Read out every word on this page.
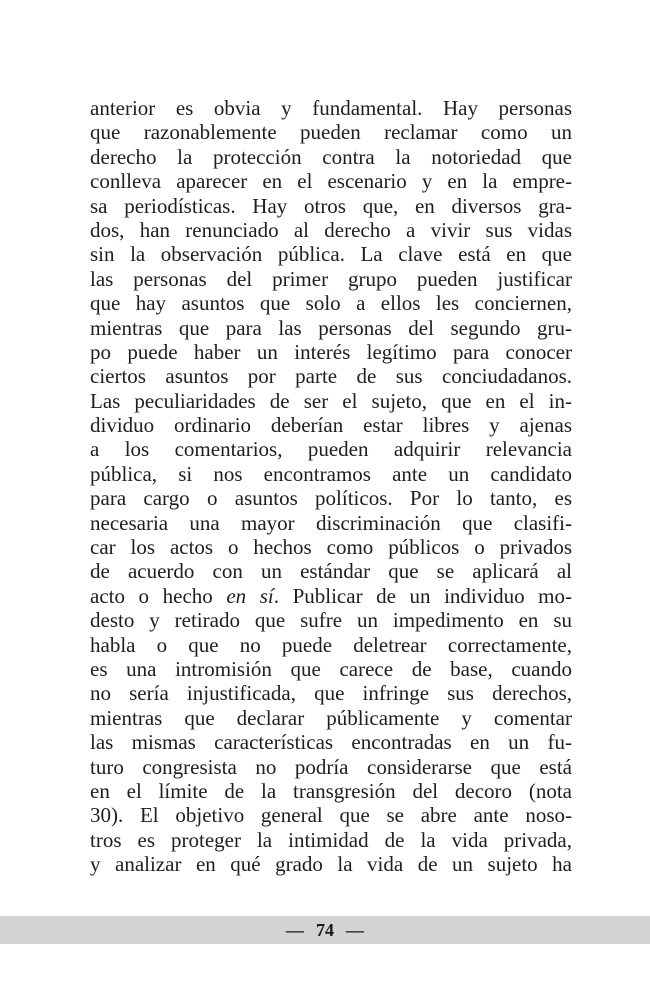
anterior es obvia y fundamental. Hay personas
que razonablemente pueden reclamar como un
derecho la protección contra la notoriedad que
conlleva aparecer en el escenario y en la empre-
sa periodísticas. Hay otros que, en diversos gra-
dos, han renunciado al derecho a vivir sus vidas
sin la observación pública. La clave está en que
las personas del primer grupo pueden justificar
que hay asuntos que solo a ellos les conciernen,
mientras que para las personas del segundo gru-
po puede haber un interés legítimo para conocer
ciertos asuntos por parte de sus conciudadanos.
Las peculiaridades de ser el sujeto, que en el in-
dividuo ordinario deberían estar libres y ajenas
a los comentarios, pueden adquirir relevancia
pública, si nos encontramos ante un candidato
para cargo o asuntos políticos. Por lo tanto, es
necesaria una mayor discriminación que clasifi-
car los actos o hechos como públicos o privados
de acuerdo con un estándar que se aplicará al
acto o hecho en sí. Publicar de un individuo mo-
desto y retirado que sufre un impedimento en su
habla o que no puede deletrear correctamente,
es una intromisión que carece de base, cuando
no sería injustificada, que infringe sus derechos,
mientras que declarar públicamente y comentar
las mismas características encontradas en un fu-
turo congresista no podría considerarse que está
en el límite de la transgresión del decoro (nota
30). El objetivo general que se abre ante noso-
tros es proteger la intimidad de la vida privada,
y analizar en qué grado la vida de un sujeto ha
— 74 —
